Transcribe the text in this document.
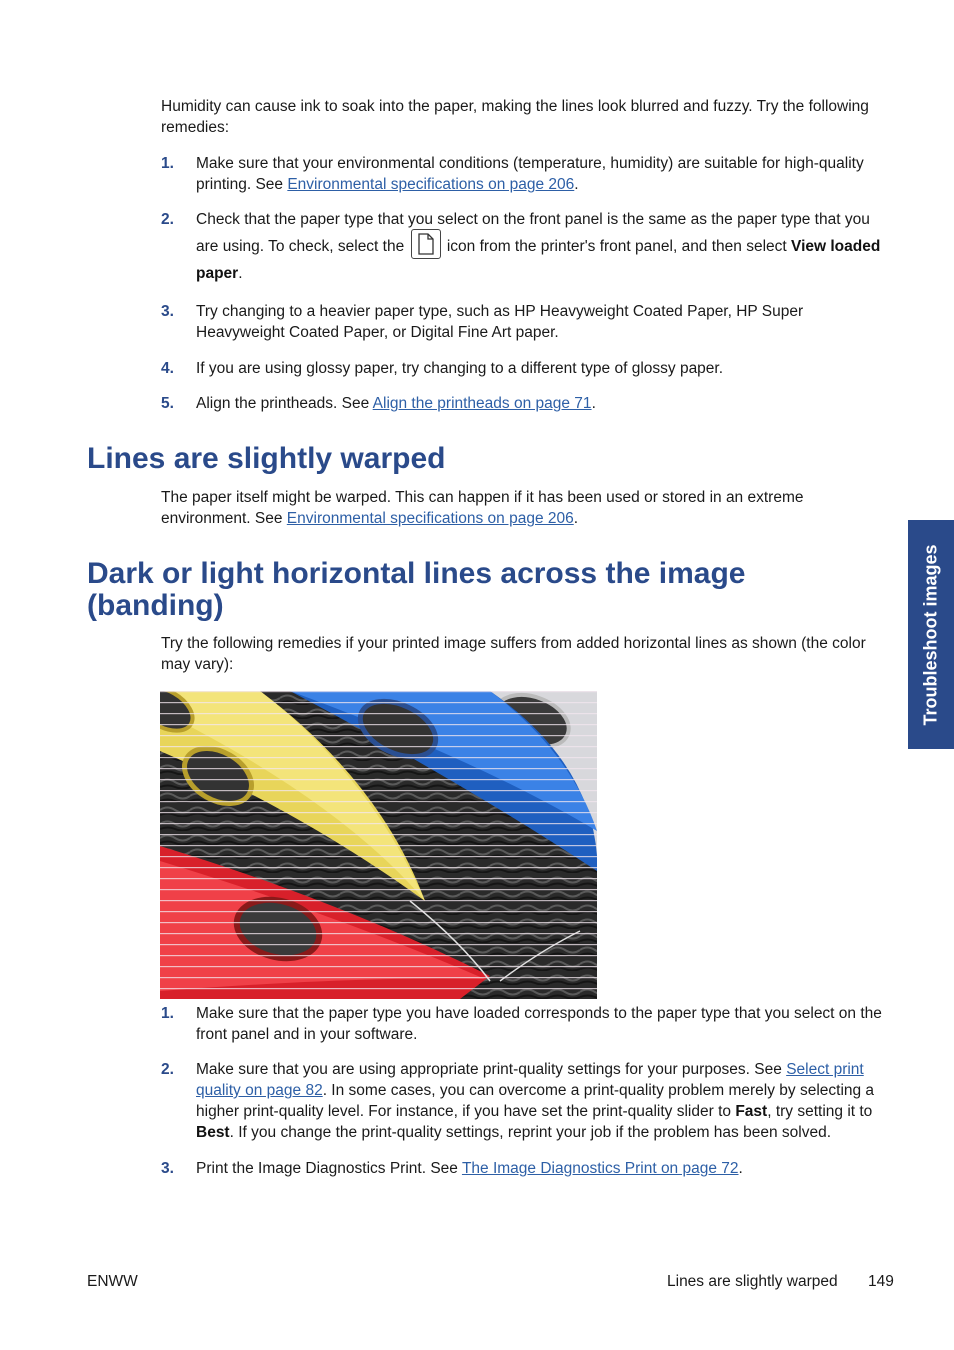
Humidity can cause ink to soak into the paper, making the lines look blurred and fuzzy. Try the following remedies:

1.	Make sure that your environmental conditions (temperature, humidity) are suitable for high-quality printing. See Environmental specifications on page 206.
2.	Check that the paper type that you select on the front panel is the same as the paper type that you are using. To check, select the	icon from the printer's front panel, and then select View loaded paper.
3.	Try changing to a heavier paper type, such as HP Heavyweight Coated Paper, HP Super Heavyweight Coated Paper, or Digital Fine Art paper.
4.	If you are using glossy paper, try changing to a different type of glossy paper.
5.	Align the printheads. See Align the printheads on page 71.
Lines are slightly warped

The paper itself might be warped. This can happen if it has been used or stored in an extreme environment. See Environmental specifications on page 206.

Dark or light horizontal lines across the image (banding)

Try the following remedies if your printed image suffers from added horizontal lines as shown (the color may vary):

1.	Make sure that the paper type you have loaded corresponds to the paper type that you select on the front panel and in your software.
2.	Make sure that you are using appropriate print-quality settings for your purposes. See Select print quality on page 82. In some cases, you can overcome a print-quality problem merely by selecting a higher print-quality level. For instance, if you have set the print-quality slider to Fast, try setting it to Best. If you change the print-quality settings, reprint your job if the problem has been solved.
3.	Print the Image Diagnostics Print. See The Image Diagnostics Print on page 72.
Troubleshoot images
ENWW	Lines are slightly warped 149
